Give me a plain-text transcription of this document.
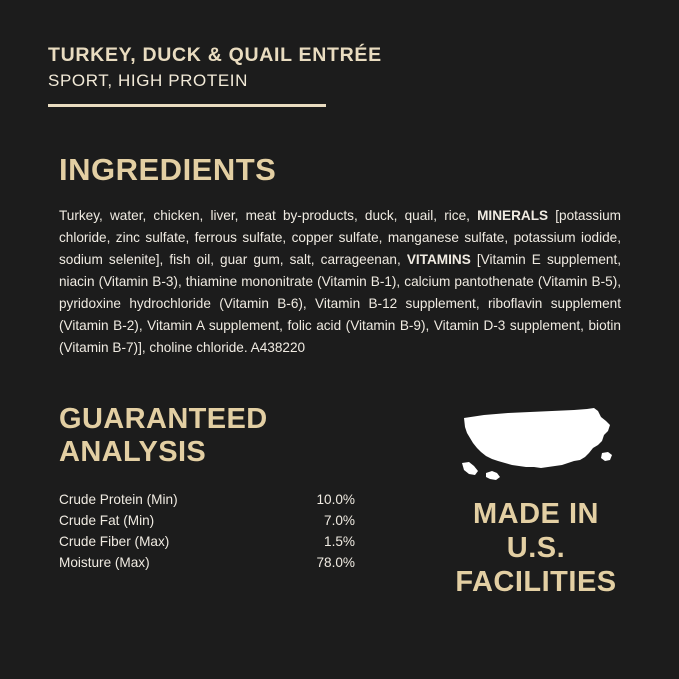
TURKEY, DUCK & QUAIL ENTRÉE
SPORT, HIGH PROTEIN
INGREDIENTS

Turkey, water, chicken, liver, meat by-products, duck, quail, rice, MINERALS [potassium chloride, zinc sulfate, ferrous sulfate, copper sulfate, manganese sulfate, potassium iodide, sodium selenite], fish oil, guar gum, salt, carrageenan, VITAMINS [Vitamin E supplement, niacin (Vitamin B-3), thiamine mononitrate (Vitamin B-1), calcium pantothenate (Vitamin B-5), pyridoxine hydrochloride (Vitamin B-6), Vitamin B-12 supplement, riboflavin supplement (Vitamin B-2), Vitamin A supplement, folic acid (Vitamin B-9), Vitamin D-3 supplement, biotin (Vitamin B-7)], choline chloride. A438220

GUARANTEED ANALYSIS
Crude Protein (Min)	10.0%
Crude Fat (Min)	7.0%
Crude Fiber (Max)	1.5%
Moisture (Max)	78.0%
MADE IN
U.S.
FACILITIES
